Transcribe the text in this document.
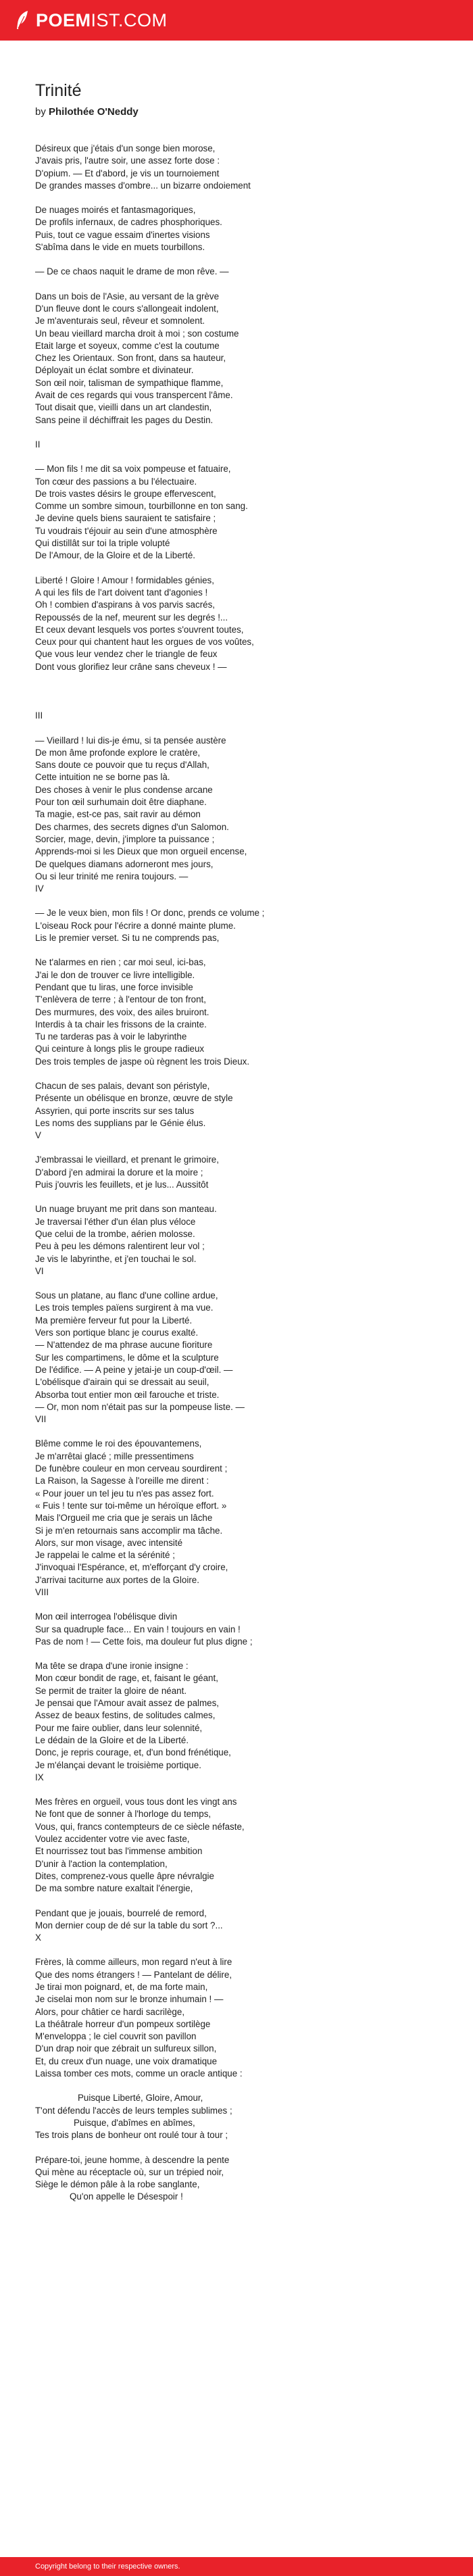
POEMIST.COM
Trinité
by Philothée O'Neddy
Désireux que j'étais d'un songe bien morose,
J'avais pris, l'autre soir, une assez forte dose :
D'opium. — Et d'abord, je vis un tournoiement
De grandes masses d'ombre... un bizarre ondoiement
De nuages moirés et fantasmagoriques,
De profils infernaux, de cadres phosphoriques.
Puis, tout ce vague essaim d'inertes visions
S'abîma dans le vide en muets tourbillons.
— De ce chaos naquit le drame de mon rêve. —
Dans un bois de l'Asie, au versant de la grève
D'un fleuve dont le cours s'allongeait indolent,
Je m'aventurais seul, rêveur et somnolent.
Un beau vieillard marcha droit à moi ; son costume
Etait large et soyeux, comme c'est la coutume
Chez les Orientaux. Son front, dans sa hauteur,
Déployait un éclat sombre et divinateur.
Son œil noir, talisman de sympathique flamme,
Avait de ces regards qui vous transpercent l'âme.
Tout disait que, vieilli dans un art clandestin,
Sans peine il déchiffrait les pages du Destin.
II
— Mon fils ! me dit sa voix pompeuse et fatuaire,
Ton cœur des passions a bu l'électuaire.
De trois vastes désirs le groupe effervescent,
Comme un sombre simoun, tourbillonne en ton sang.
Je devine quels biens sauraient te satisfaire ;
Tu voudrais t'éjouir au sein d'une atmosphère
Qui distillât sur toi la triple volupté
De l'Amour, de la Gloire et de la Liberté.
Liberté ! Gloire ! Amour ! formidables génies,
A qui les fils de l'art doivent tant d'agonies !
Oh ! combien d'aspirans à vos parvis sacrés,
Repoussés de la nef, meurent sur les degrés !...
Et ceux devant lesquels vos portes s'ouvrent toutes,
Ceux pour qui chantent haut les orgues de vos voûtes,
Que vous leur vendez cher le triangle de feux
Dont vous glorifiez leur crâne sans cheveux ! —

III
— Vieillard ! lui dis-je ému, si ta pensée austère
De mon âme profonde explore le cratère,
Sans doute ce pouvoir que tu reçus d'Allah,
Cette intuition ne se borne pas là.
Des choses à venir le plus condense arcane
Pour ton œil surhumain doit être diaphane.
Ta magie, est-ce pas, sait ravir au démon
Des charmes, des secrets dignes d'un Salomon.
Sorcier, mage, devin, j'implore ta puissance ;
Apprends-moi si les Dieux que mon orgueil encense,
De quelques diamans adorneront mes jours,
Ou si leur trinité me renira toujours. —
IV
— Je le veux bien, mon fils ! Or donc, prends ce volume ;
L'oiseau Rock pour l'écrire a donné mainte plume.
Lis le premier verset. Si tu ne comprends pas,
Ne t'alarmes en rien ; car moi seul, ici-bas,
J'ai le don de trouver ce livre intelligible.
Pendant que tu liras, une force invisible
T'enlèvera de terre ; à l'entour de ton front,
Des murmures, des voix, des ailes bruiront.
Interdis à ta chair les frissons de la crainte.
Tu ne tarderas pas à voir le labyrinthe
Qui ceinture à longs plis le groupe radieux
Des trois temples de jaspe où règnent les trois Dieux.
Chacun de ses palais, devant son péristyle,
Présente un obélisque en bronze, œuvre de style
Assyrien, qui porte inscrits sur ses talus
Les noms des supplians par le Génie élus.
V
J'embrassai le vieillard, et prenant le grimoire,
D'abord j'en admirai la dorure et la moire ;
Puis j'ouvris les feuillets, et je lus... Aussitôt
Un nuage bruyant me prit dans son manteau.
Je traversai l'éther d'un élan plus véloce
Que celui de la trombe, aérien molosse.
Peu à peu les démons ralentirent leur vol ;
Je vis le labyrinthe, et j'en touchai le sol.
VI
Sous un platane, au flanc d'une colline arduе,
Les trois temples païens surgirent à ma vue.
Ma première ferveur fut pour la Liberté.
Vers son portique blanc je courus exalté.
— N'attendez de ma phrase aucune fioriture
Sur les compartimens, le dôme et la sculpture
De l'édifice. — A peine y jetai-je un coup-d'œil. —
L'obélisque d'airain qui se dressait au seuil,
Absorba tout entier mon œil farouche et triste.
— Or, mon nom n'était pas sur la pompeuse liste. —
VII
Blême comme le roi des épouvantemens,
Je m'arrêtai glacé ; mille pressentimens
De funèbre couleur en mon cerveau sourdirent ;
La Raison, la Sagesse à l'oreille me dirent :
« Pour jouer un tel jeu tu n'es pas assez fort.
« Fuis ! tente sur toi-même un héroïque effort. »
Mais l'Orgueil me cria que je serais un lâche
Si je m'en retournais sans accomplir ma tâche.
Alors, sur mon visage, avec intensité
Je rappelai le calme et la sérénité ;
J'invoquai l'Espérance, et, m'efforçant d'y croire,
J'arrivai taciturne aux portes de la Gloire.
VIII
Mon œil interrogea l'obélisque divin
Sur sa quadruple face... En vain ! toujours en vain !
Pas de nom ! — Cette fois, ma douleur fut plus digne ;
Ma tête se drapa d'une ironie insigne :
Mon cœur bondit de rage, et, faisant le géant,
Se permit de traiter la gloire de néant.
Je pensai que l'Amour avait assez de palmes,
Assez de beaux festins, de solitudes calmes,
Pour me faire oublier, dans leur solennité,
Le dédain de la Gloire et de la Liberté.
Donc, je repris courage, et, d'un bond frénétique,
Je m'élançai devant le troisième portique.
IX
Mes frères en orgueil, vous tous dont les vingt ans
Ne font que de sonner à l'horloge du temps,
Vous, qui, francs contempteurs de ce siècle néfaste,
Voulez accidenter votre vie avec faste,
Et nourrissez tout bas l'immense ambition
D'unir à l'action la contemplation,
Dites, comprenez-vous quelle âpre névralgie
De ma sombre nature exaltait l'énergie,
Pendant que je jouais, bourrelé de remord,
Mon dernier coup de dé sur la table du sort ?...
X
Frères, là comme ailleurs, mon regard n'eut à lire
Que des noms étrangers ! — Pantelant de délire,
Je tirai mon poignard, et, de ma forte main,
Je ciselai mon nom sur le bronze inhumain ! —
Alors, pour châtier ce hardi sacrilège,
La théâtrale horreur d'un pompeux sortilège
M'enveloppa ; le ciel couvrit son pavillon
D'un drap noir que zébrait un sulfureux sillon,
Et, du creux d'un nuage, une voix dramatique
Laissa tomber ces mots, comme un oracle antique :
Puisque Liberté, Gloire, Amour,
T'ont défendu l'accès de leurs temples sublimes ;
Puisque, d'abîmes en abîmes,
Tes trois plans de bonheur ont roulé tour à tour ;
Prépare-toi, jeune homme, à descendre la pente
Qui mène au réceptacle où, sur un trépied noir,
Siège le démon pâle à la robe sanglante,
Qu'on appelle le Désespoir !
Copyright belong to their respective owners.
